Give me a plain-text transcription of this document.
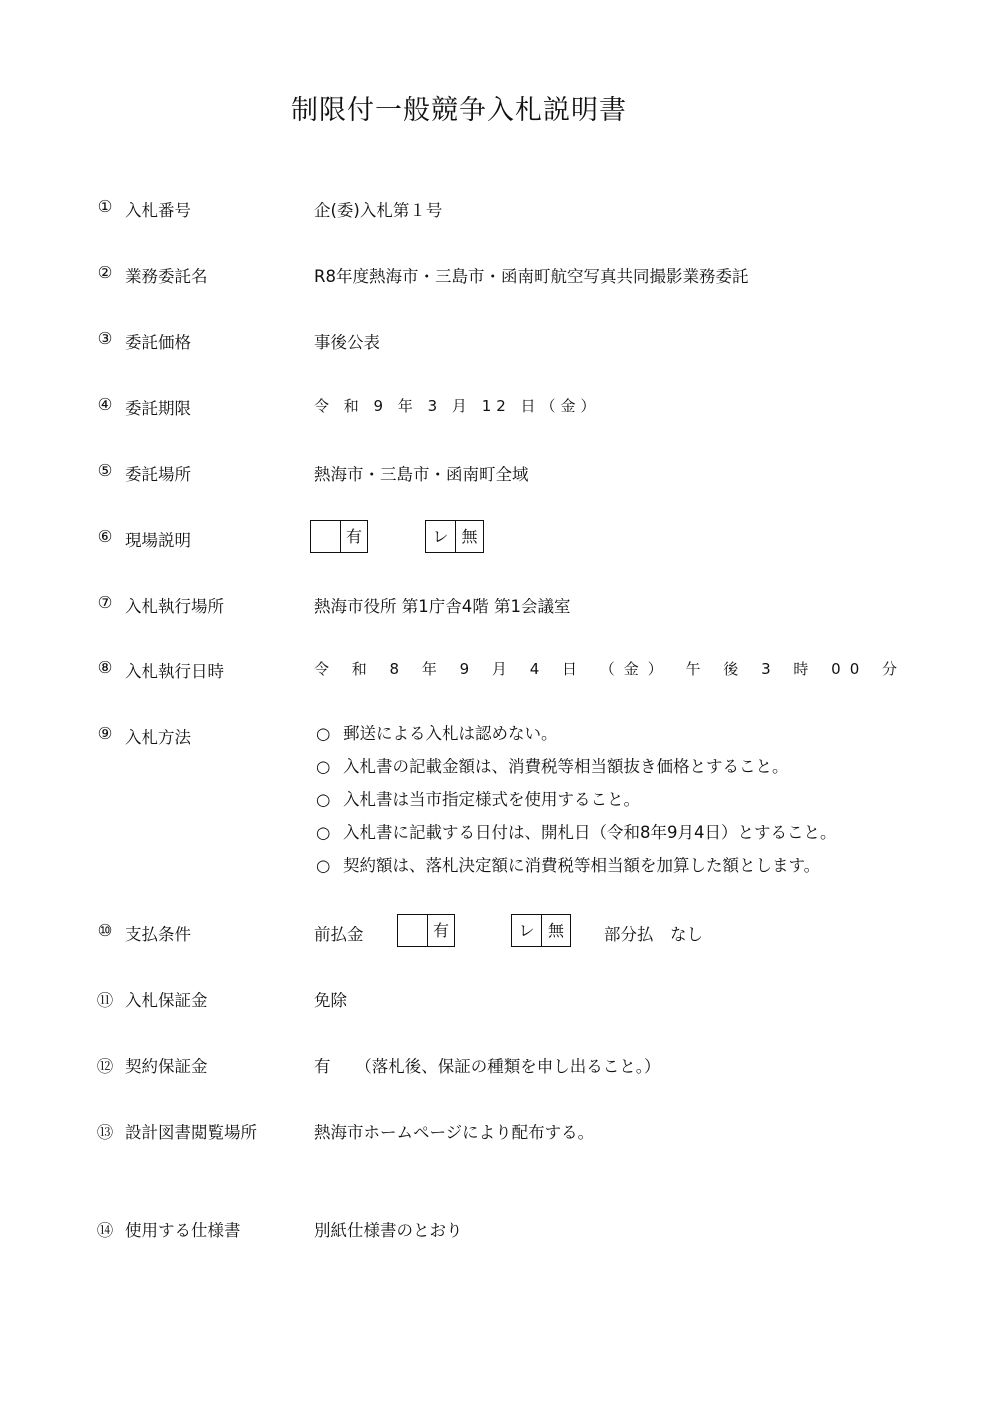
制限付一般競争入札説明書
① 入札番号	企(委)入札第１号
② 業務委託名	R8年度熱海市・三島市・函南町航空写真共同撮影業務委託
③ 委託価格	事後公表
④ 委託期限	令 和 9 年 3 月 12 日（金）
⑤ 委託場所	熱海市・三島市・函南町全域
⑥ 現場説明	有	レ 無
⑦ 入札執行場所	熱海市役所 第1庁舎4階 第1会議室
⑧ 入札執行日時	令 和 8 年 9 月 4 日 （金） 午 後 3 時 00 分
⑨ 入札方法	○ 郵送による入札は認めない。
○ 入札書の記載金額は、消費税等相当額抜き価格とすること。
○ 入札書は当市指定様式を使用すること。
○ 入札書に記載する日付は、開札日（令和8年9月4日）とすること。
○ 契約額は、落札決定額に消費税等相当額を加算した額とします。
⑩ 支払条件	前払金	有	レ 無	部分払　なし
⑪ 入札保証金	免除
⑫ 契約保証金	有　　（落札後、保証の種類を申し出ること。）
⑬ 設計図書閲覧場所	熱海市ホームページにより配布する。
⑭ 使用する仕様書	別紙仕様書のとおり
